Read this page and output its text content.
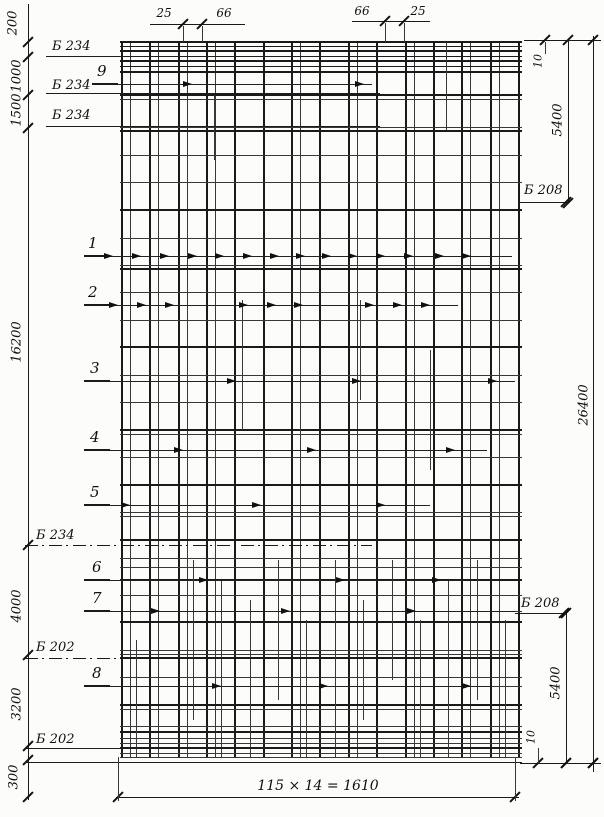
9
1
2
3
4
5
6
7
8
200
1000
1500
16200
4000
3200
300
Б 234
Б 234
Б 234
Б 234
Б 202
Б 202
26400
5400
5400
10
10
Б 208
Б 208
25	66	66	25
115 × 14 = 1610
